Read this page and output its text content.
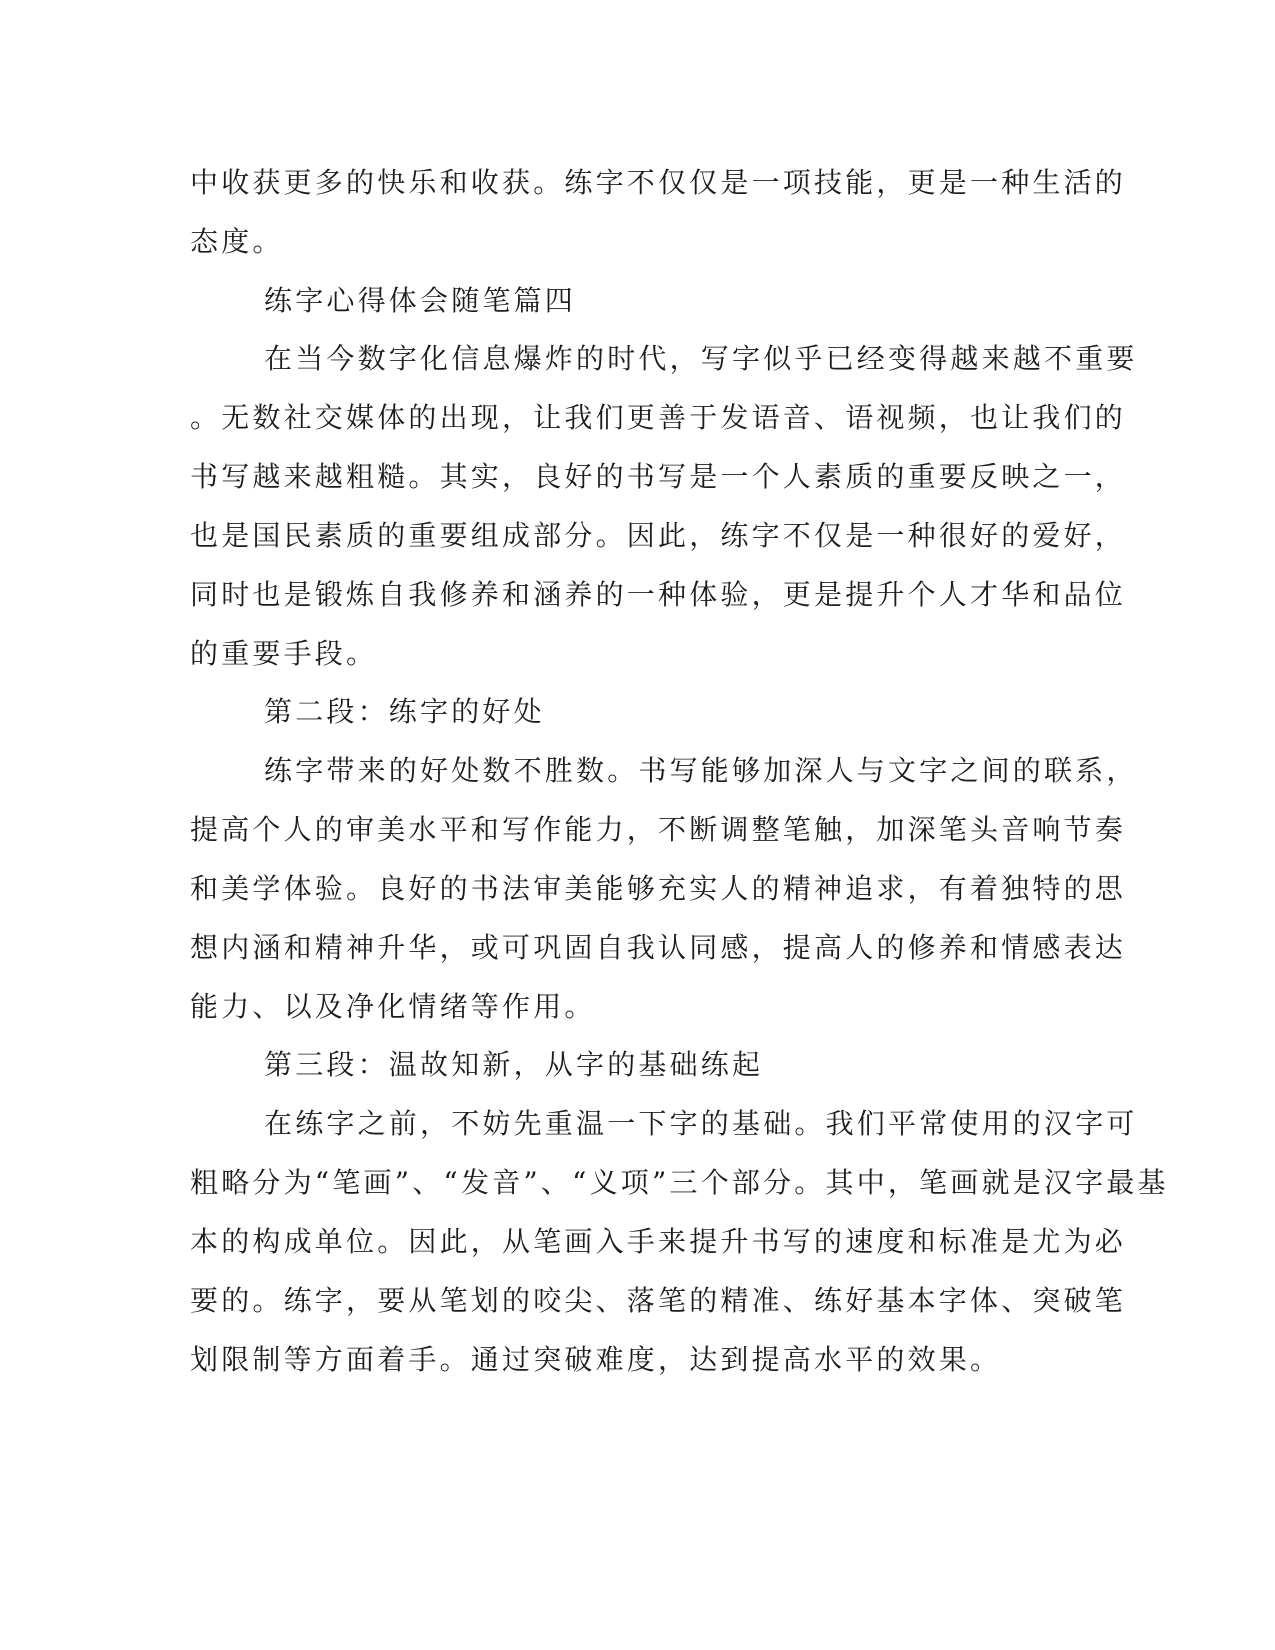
中收获更多的快乐和收获。练字不仅仅是一项技能，更是一种生活的

态度。

练字心得体会随笔篇四

在当今数字化信息爆炸的时代，写字似乎已经变得越来越不重要

。无数社交媒体的出现，让我们更善于发语音、语视频，也让我们的

书写越来越粗糙。其实，良好的书写是一个人素质的重要反映之一，

也是国民素质的重要组成部分。因此，练字不仅是一种很好的爱好，

同时也是锻炼自我修养和涵养的一种体验，更是提升个人才华和品位

的重要手段。

第二段：练字的好处

练字带来的好处数不胜数。书写能够加深人与文字之间的联系，

提高个人的审美水平和写作能力，不断调整笔触，加深笔头音响节奏

和美学体验。良好的书法审美能够充实人的精神追求，有着独特的思

想内涵和精神升华，或可巩固自我认同感，提高人的修养和情感表达

能力、以及净化情绪等作用。

第三段：温故知新，从字的基础练起

在练字之前，不妨先重温一下字的基础。我们平常使用的汉字可

粗略分为“笔画”、“发音”、“义项”三个部分。其中，笔画就是汉字最基

本的构成单位。因此，从笔画入手来提升书写的速度和标准是尤为必

要的。练字，要从笔划的咬尖、落笔的精准、练好基本字体、突破笔

划限制等方面着手。通过突破难度，达到提高水平的效果。
